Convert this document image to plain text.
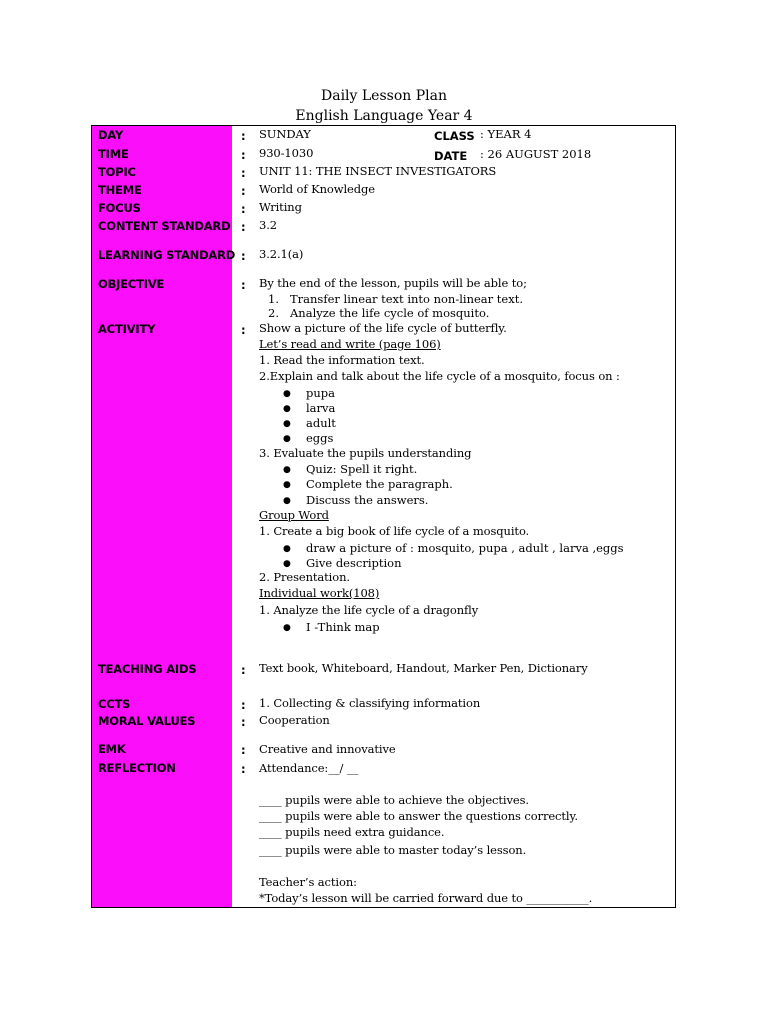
Daily Lesson Plan
English Language Year 4
DAY
TIME
TOPIC
THEME
FOCUS
CONTENT STANDARD
LEARNING STANDARD
OBJECTIVE
ACTIVITY
TEACHING AIDS
CCTS
MORAL VALUES
EMK
REFLECTION
:
:
:
:
:
:
:
:
:
:
:
:
:
:
SUNDAY
930-1030
UNIT 11: THE INSECT INVESTIGATORS
World of Knowledge
Writing
3.2
3.2.1(a)
CLASS : YEAR 4
DATE : 26 AUGUST 2018
By the end of the lesson, pupils will be able to;
1. Transfer linear text into non-linear text.
2. Analyze the life cycle of mosquito.
Show a picture of the life cycle of butterfly.
Let’s read and write (page 106)
1. Read the information text.
2.Explain and talk about the life cycle of a mosquito, focus on :
● pupa
● larva
● adult
● eggs
3. Evaluate the pupils understanding
● Quiz: Spell it right.
● Complete the paragraph.
● Discuss the answers.
Group Word
1. Create a big book of life cycle of a mosquito.
● draw a picture of : mosquito, pupa , adult , larva ,eggs
● Give description
2. Presentation.
Individual work(108)
1. Analyze the life cycle of a dragonfly
● I -Think map
Text book, Whiteboard, Handout, Marker Pen, Dictionary
1. Collecting & classifying information
Cooperation
Creative and innovative
Attendance:__/ __
____ pupils were able to achieve the objectives.
____ pupils were able to answer the questions correctly.
____ pupils need extra guidance.
____ pupils were able to master today’s lesson.
Teacher’s action:
*Today’s lesson will be carried forward due to ___________.
